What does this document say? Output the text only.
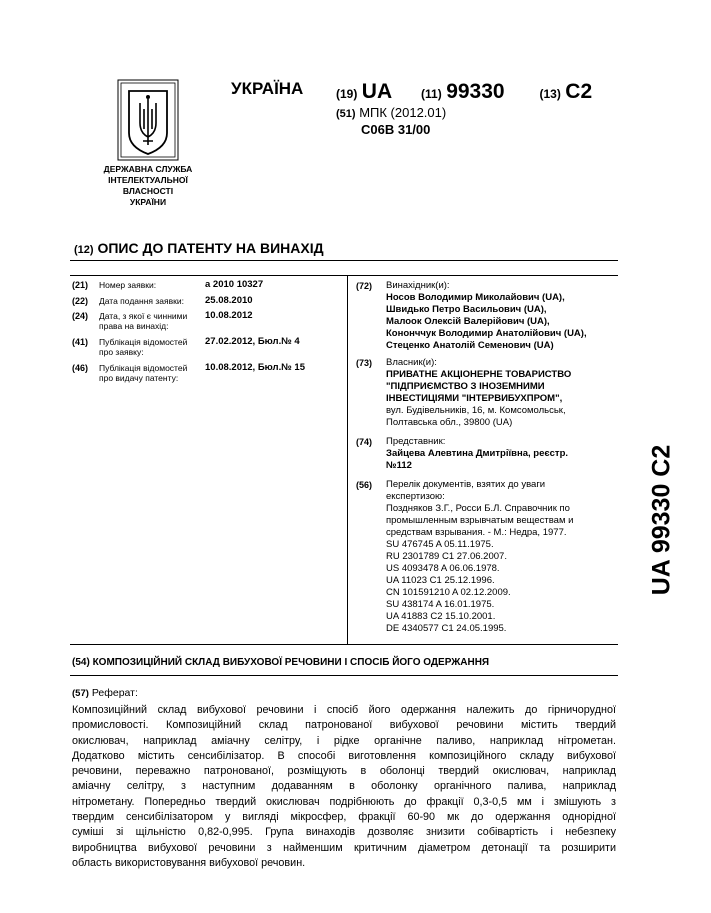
ДЕРЖАВНА СЛУЖБА
ІНТЕЛЕКТУАЛЬНОЇ
ВЛАСНОСТІ
УКРАЇНИ
УКРАЇНА	(19) UA (11) 99330	(13) C2
(51) МПК (2012.01)
C06B 31/00
(12) ОПИС ДО ПАТЕНТУ НА ВИНАХІД
(21) Номер заявки:	a 2010 10327
(22) Дата подання заявки:	25.08.2010
(24) Дата, з якої є чинними права на винахід:
10.08.2012
(41) Публікація відомостей про заявку:
27.02.2012, Бюл.№ 4
(46) Публікація відомостей про видачу патенту:
10.08.2012, Бюл.№ 15
(72) Винахідник(и):
Носов Володимир Миколайович (UA),
Швидько Петро Васильович (UA),
Малоок Олексій Валерійович (UA),
Кононччук Володимир Анатолійович (UA),
Стеценко Анатолій Семенович (UA)
(73) Власник(и):
ПРИВАТНЕ АКЦІОНЕРНЕ ТОВАРИСТВО
"ПІДПРИЄМСТВО З ІНОЗЕМНИМИ
ІНВЕСТИЦІЯМИ "ІНТЕРВИБУХПРОМ",
вул. Будівельників, 16, м. Комсомольськ,
Полтавська обл., 39800 (UA)
(74) Представник:
Зайцева Алевтина Дмитріївна, реєстр.
№112
(56) Перелік документів, взятих до уваги
експертизою:
Поздняков З.Г., Росси Б.Л. Справочник по
промышленным взрывчатым веществам и
средствам взрывания. - М.: Недра, 1977.
SU 476745 A 05.11.1975.
RU 2301789 C1 27.06.2007.
US 4093478 A 06.06.1978.
UA 11023 C1 25.12.1996.
CN 101591210 A 02.12.2009.
SU 438174 A 16.01.1975.
UA 41883 C2 15.10.2001.
DE 4340577 C1 24.05.1995.
UA 99330 C2
(54) КОМПОЗИЦІЙНИЙ СКЛАД ВИБУХОВОЇ РЕЧОВИНИ І СПОСІБ ЙОГО ОДЕРЖАННЯ
(57) Реферат:
Композиційний склад вибухової речовини і спосіб його одержання належить до гірничорудної
промисловості. Композиційний склад патронованої вибухової речовини містить твердий
окислювач, наприклад аміачну селітру, і рідке органічне паливо, наприклад нітрометан.
Додатково містить сенсибілізатор. В способі виготовлення композиційного складу вибухової
речовини, переважно патронованої, розміщують в оболонці твердий окислювач, наприклад
аміачну селітру, з наступним додаванням в оболонку органічного палива, наприклад
нітрометану. Попередньо твердий окислювач подрібнюють до фракції 0,3-0,5 мм і змішують з
твердим сенсибілізатором у вигляді мікросфер, фракції 60-90 мк до одержання однорідної
суміші зі щільністю 0,82-0,995. Група винаходів дозволяє знизити собівартість і небезпеку
виробництва вибухової речовини з найменшим критичним діаметром детонації та розширити
область використовування вибухової речовин.
